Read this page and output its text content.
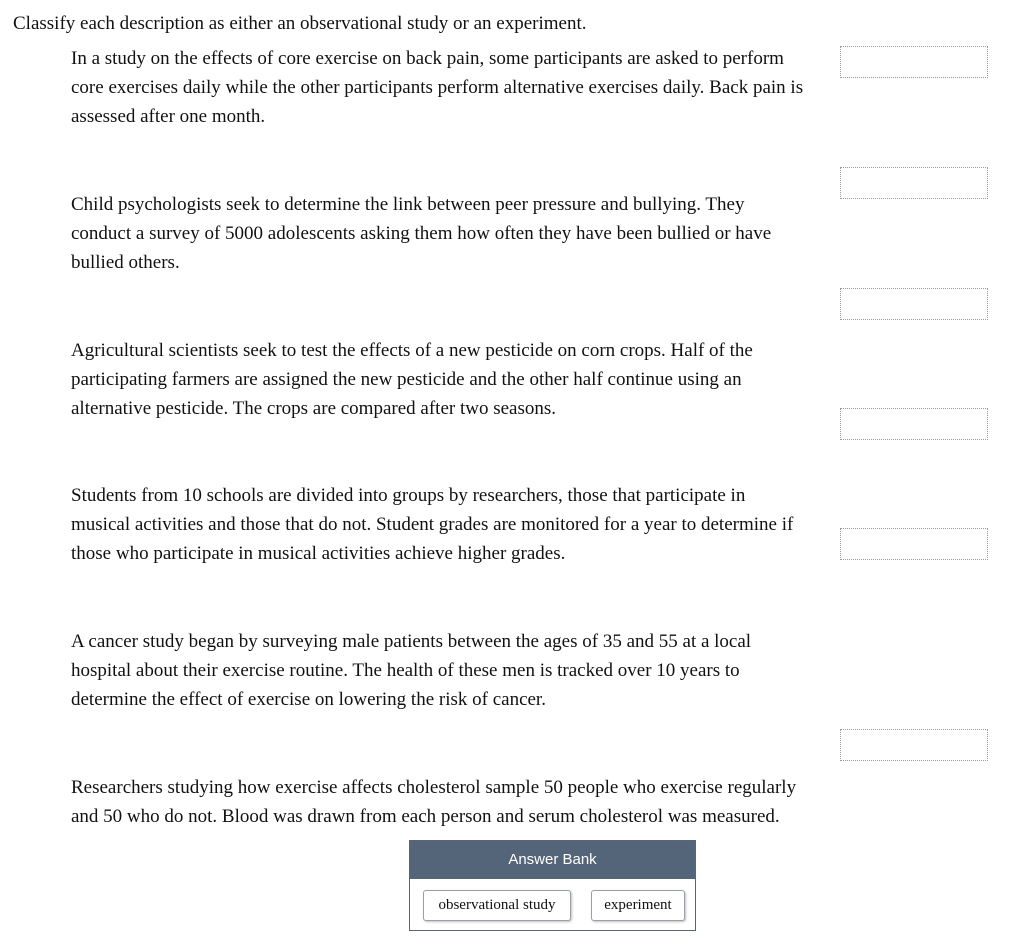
Classify each description as either an observational study or an experiment.

In a study on the effects of core exercise on back pain, some participants are asked to perform core exercises daily while the other participants perform alternative exercises daily. Back pain is assessed after one month.

Child psychologists seek to determine the link between peer pressure and bullying. They conduct a survey of 5000 adolescents asking them how often they have been bullied or have bullied others.

Agricultural scientists seek to test the effects of a new pesticide on corn crops. Half of the participating farmers are assigned the new pesticide and the other half continue using an alternative pesticide. The crops are compared after two seasons.

Students from 10 schools are divided into groups by researchers, those that participate in musical activities and those that do not. Student grades are monitored for a year to determine if those who participate in musical activities achieve higher grades.

A cancer study began by surveying male patients between the ages of 35 and 55 at a local hospital about their exercise routine. The health of these men is tracked over 10 years to determine the effect of exercise on lowering the risk of cancer.

Researchers studying how exercise affects cholesterol sample 50 people who exercise regularly and 50 who do not. Blood was drawn from each person and serum cholesterol was measured.

Answer Bank
observational study	experiment
